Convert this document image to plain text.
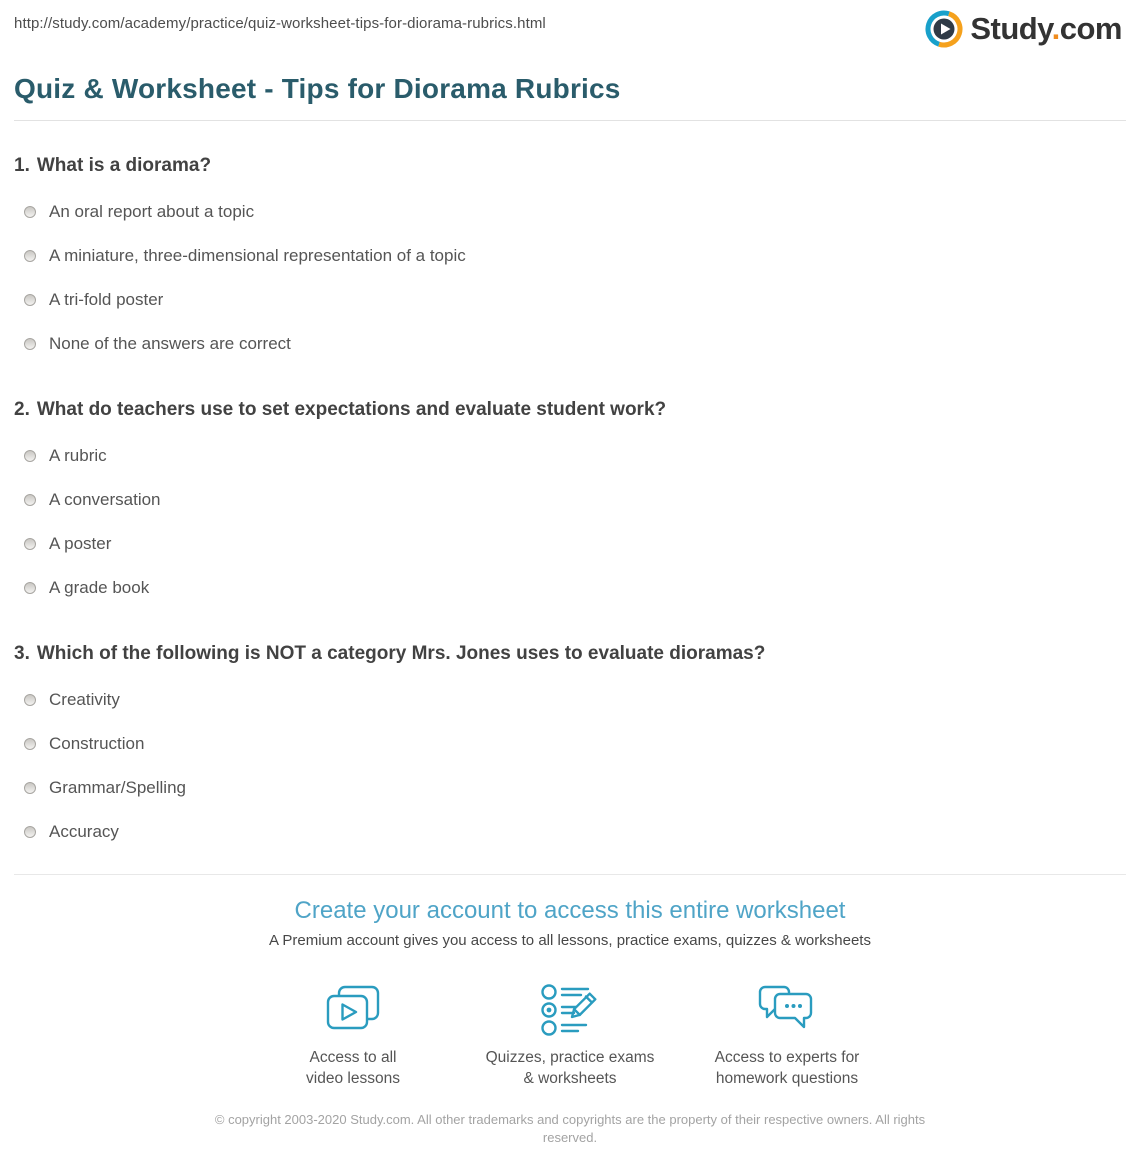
http://study.com/academy/practice/quiz-worksheet-tips-for-diorama-rubrics.html	Study.com
Quiz & Worksheet - Tips for Diorama Rubrics
1. What is a diorama?
An oral report about a topic
A miniature, three-dimensional representation of a topic
A tri-fold poster
None of the answers are correct
2. What do teachers use to set expectations and evaluate student work?
A rubric
A conversation
A poster
A grade book
3. Which of the following is NOT a category Mrs. Jones uses to evaluate dioramas?
Creativity
Construction
Grammar/Spelling
Accuracy
Create your account to access this entire worksheet
A Premium account gives you access to all lessons, practice exams, quizzes & worksheets
Access to all
video lessons
Quizzes, practice exams
& worksheets
Access to experts for
homework questions
© copyright 2003-2020 Study.com. All other trademarks and copyrights are the property of their respective owners. All rights reserved.
